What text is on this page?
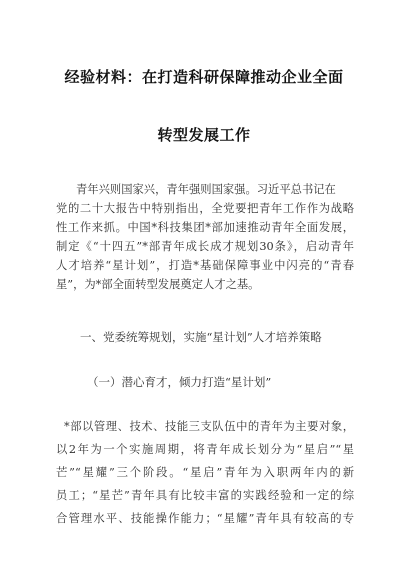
经验材料：在打造科研保障推动企业全面
转型发展工作
青年兴则国家兴，青年强则国家强。习近平总书记在
党的二十大报告中特别指出，全党要把青年工作作为战略
性工作来抓。中国*科技集团*部加速推动青年全面发展，
制定《“十四五”*部青年成长成才规划30条》，启动青年
人才培养“星计划”，打造*基础保障事业中闪亮的“青春
星”，为*部全面转型发展奠定人才之基。
一、党委统筹规划，实施“星计划”人才培养策略
（一）潜心育才，倾力打造“星计划”
*部以管理、技术、技能三支队伍中的青年为主要对象，
以2年为一个实施周期，将青年成长划分为“星启”“星
芒”“星耀”三个阶段。“星启”青年为入职两年内的新
员工；“星芒”青年具有比较丰富的实践经验和一定的综
合管理水平、技能操作能力；“星耀”青年具有较高的专
